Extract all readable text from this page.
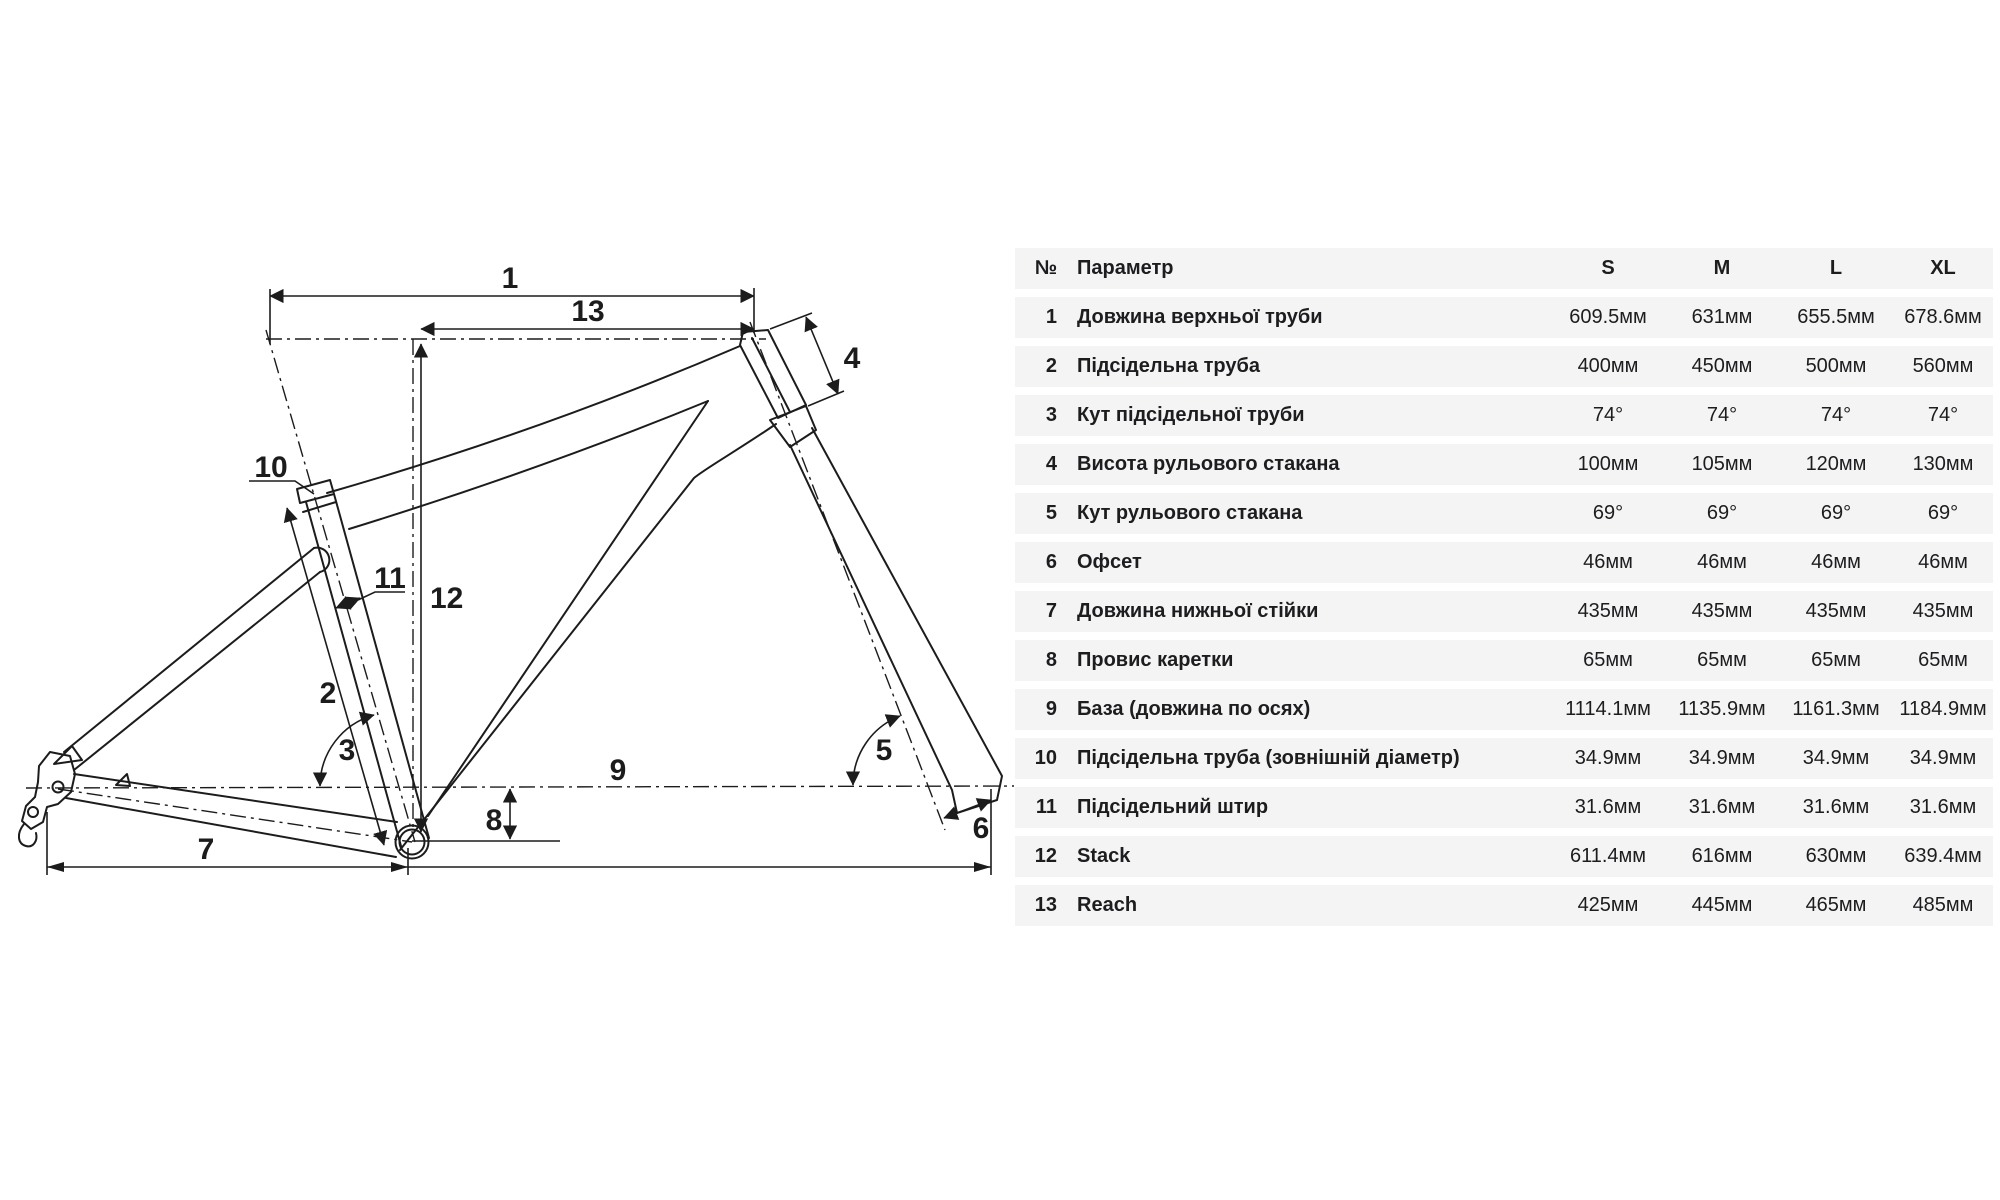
1
13
12
2
3
4
5
6
8
7
9
10
11
№	Параметр	S	M	L	XL
1	Довжина верхньої труби	609.5мм	631мм	655.5мм	678.6мм
2	Підсідельна труба	400мм	450мм	500мм	560мм
3	Кут підсідельної труби	74°	74°	74°	74°
4	Висота рульового стакана	100мм	105мм	120мм	130мм
5	Кут рульового стакана	69°	69°	69°	69°
6	Офсет	46мм	46мм	46мм	46мм
7	Довжина нижньої стійки	435мм	435мм	435мм	435мм
8	Провис каретки	65мм	65мм	65мм	65мм
9	База (довжина по осях)	1114.1мм	1135.9мм	1161.3мм 1184.9мм
10	Підсідельна труба (зовнішній діаметр)	34.9мм	34.9мм	34.9мм	34.9мм
11	Підсідельний штир	31.6мм	31.6мм	31.6мм	31.6мм
12	Stack	611.4мм	616мм	630мм	639.4мм
13	Reach	425мм	445мм	465мм	485мм
